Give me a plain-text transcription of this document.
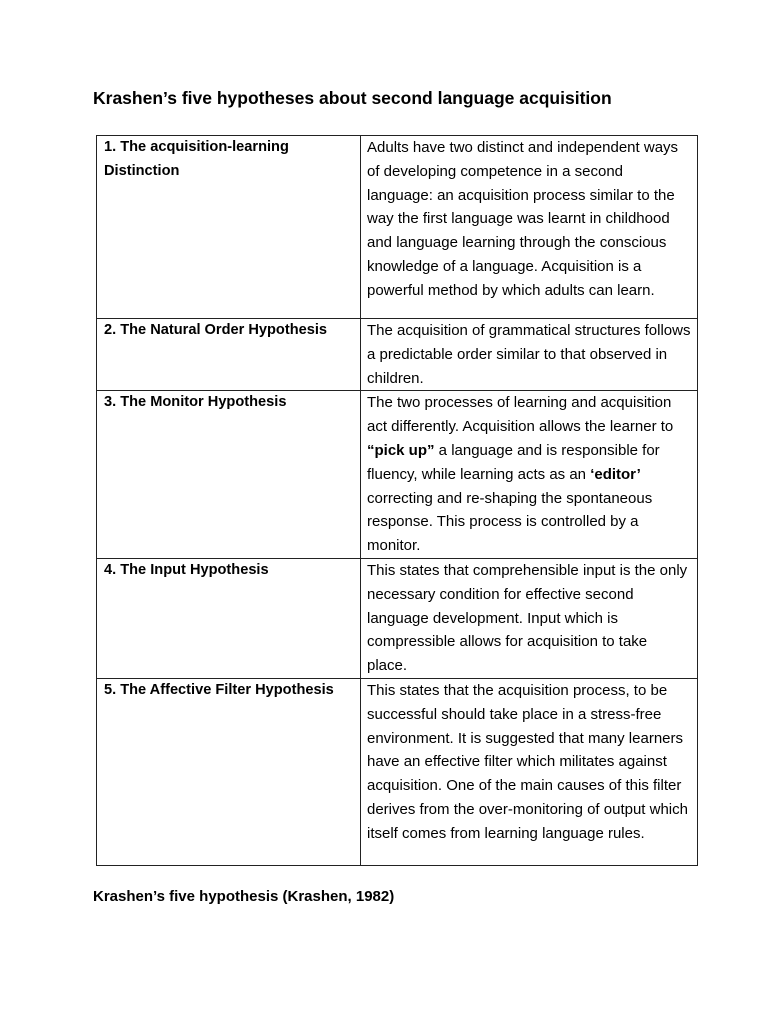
Krashen’s five hypotheses about second language acquisition
1. The acquisition-learning Distinction	Adults have two distinct and independent ways of developing competence in a second language: an acquisition process similar to the way the first language was learnt in childhood and language learning through the conscious knowledge of a language. Acquisition is a powerful method by which adults can learn.
2. The Natural Order Hypothesis	The acquisition of grammatical structures follows a predictable order similar to that observed in children.
3. The Monitor Hypothesis	The two processes of learning and acquisition act differently. Acquisition allows the learner to “pick up” a language and is responsible for fluency, while learning acts as an ‘editor’ correcting and re-shaping the spontaneous response. This process is controlled by a monitor.
4. The Input Hypothesis	This states that comprehensible input is the only necessary condition for effective second language development. Input which is compressible allows for acquisition to take place.
5. The Affective Filter Hypothesis	This states that the acquisition process, to be successful should take place in a stress-free environment. It is suggested that many learners have an effective filter which militates against acquisition. One of the main causes of this filter derives from the over-monitoring of output which itself comes from learning language rules.

Krashen’s five hypothesis (Krashen, 1982)
